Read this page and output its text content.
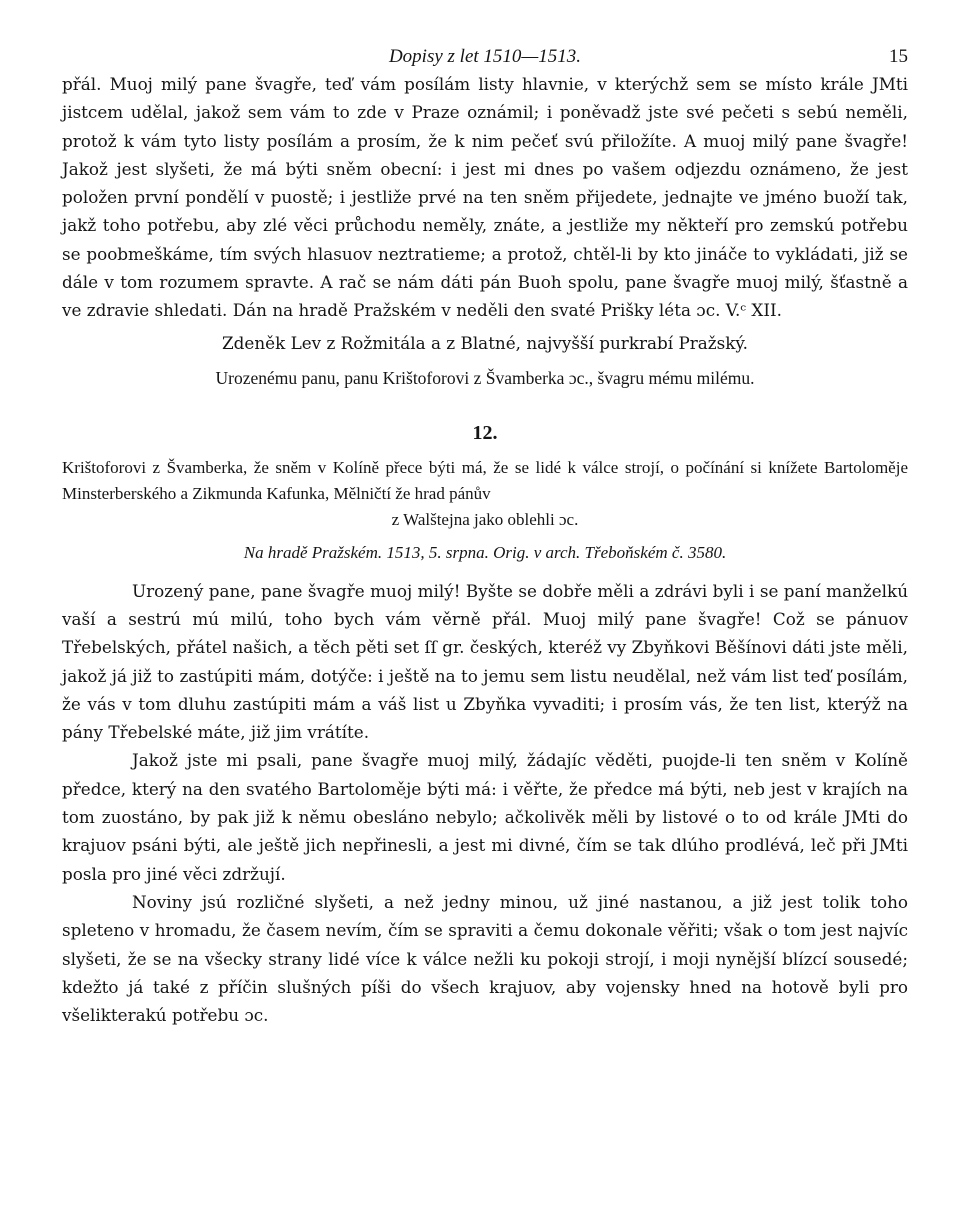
Dopisy z let 1510—1513.	15

přál. Muoj milý pane švagře, teď vám posílám listy hlavnie, v kterýchž sem se místo krále JMti jistcem udělal, jakož sem vám to zde v Praze oznámil; i poněvadž jste své pečeti s sebú neměli, protož k vám tyto listy posílám a prosím, že k nim pečeť svú přiložíte. A muoj milý pane švagře! Jakož jest slyšeti, že má býti sněm obecní: i jest mi dnes po vašem odjezdu oznámeno, že jest položen první pondělí v puostě; i jestliže prvé na ten sněm přijedete, jednajte ve jméno buoží tak, jakž toho potřebu, aby zlé věci průchodu neměly, znáte, a jestliže my někteří pro zemskú potřebu se poobmeškáme, tím svých hlasuov neztratieme; a protož, chtěl-li by kto jináče to vykládati, již se dále v tom rozumem spravte. A rač se nám dáti pán Buoh spolu, pane švagře muoj milý, šťastně a ve zdravie shledati. Dán na hradě Pražském v neděli den svaté Prišky léta ɔc. V.ᶜ XII.

Zdeněk Lev z Rožmitála a z Blatné, najvyšší purkrabí Pražský.

Urozenému panu, panu Krištoforovi z Švamberka ɔc., švagru mému milému.

12.

Krištoforovi z Švamberka, že sněm v Kolíně přece býti má, že se lidé k válce strojí, o počínání si knížete Bartoloměje Minsterberského a Zikmunda Kafunka, Mělničtí že hrad pánův
z Walštejna jako oblehli ɔc.

Na hradě Pražském. 1513, 5. srpna. Orig. v arch. Třeboňském č. 3580.

Urozený pane, pane švagře muoj milý! Byšte se dobře měli a zdrávi byli i se paní manželkú vaší a sestrú mú milú, toho bych vám věrně přál. Muoj milý pane švagře! Což se pánuov Třebelských, přátel našich, a těch pěti set ſſ gr. českých, kteréž vy Zbyňkovi Běšínovi dáti jste měli, jakož já již to zastúpiti mám, dotýče: i ještě na to jemu sem listu neudělal, než vám list teď posílám, že vás v tom dluhu zastúpiti mám a váš list u Zbyňka vyvaditi; i prosím vás, že ten list, kterýž na pány Třebelské máte, již jim vrátíte.

Jakož jste mi psali, pane švagře muoj milý, žádajíc věděti, puojde-li ten sněm v Kolíně předce, který na den svatého Bartoloměje býti má: i věřte, že předce má býti, neb jest v krajích na tom zuostáno, by pak již k němu obesláno nebylo; ačkolivěk měli by listové o to od krále JMti do krajuov psáni býti, ale ještě jich nepřinesli, a jest mi divné, čím se tak dlúho prodlévá, leč při JMti posla pro jiné věci zdržují.

Noviny jsú rozličné slyšeti, a než jedny minou, už jiné nastanou, a již jest tolik toho spleteno v hromadu, že časem nevím, čím se spraviti a čemu dokonale věřiti; však o tom jest najvíc slyšeti, že se na všecky strany lidé více k válce nežli ku pokoji strojí, i moji nynější blízcí sousedé; kdežto já také z příčin slušných píši do všech krajuov, aby vojensky hned na hotově byli pro všelikterakú potřebu ɔc.
